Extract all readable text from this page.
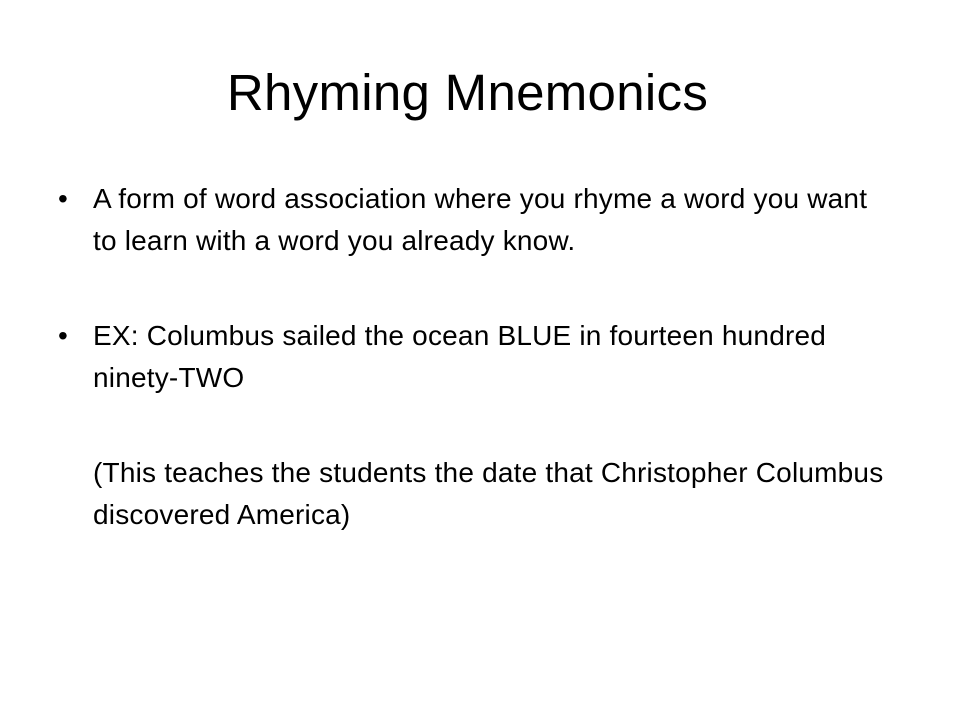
Rhyming Mnemonics
• A form of word association where you rhyme a word you want to learn with a word you already know.
• EX: Columbus sailed the ocean BLUE in fourteen hundred ninety-TWO
(This teaches the students the date that Christopher Columbus discovered America)
